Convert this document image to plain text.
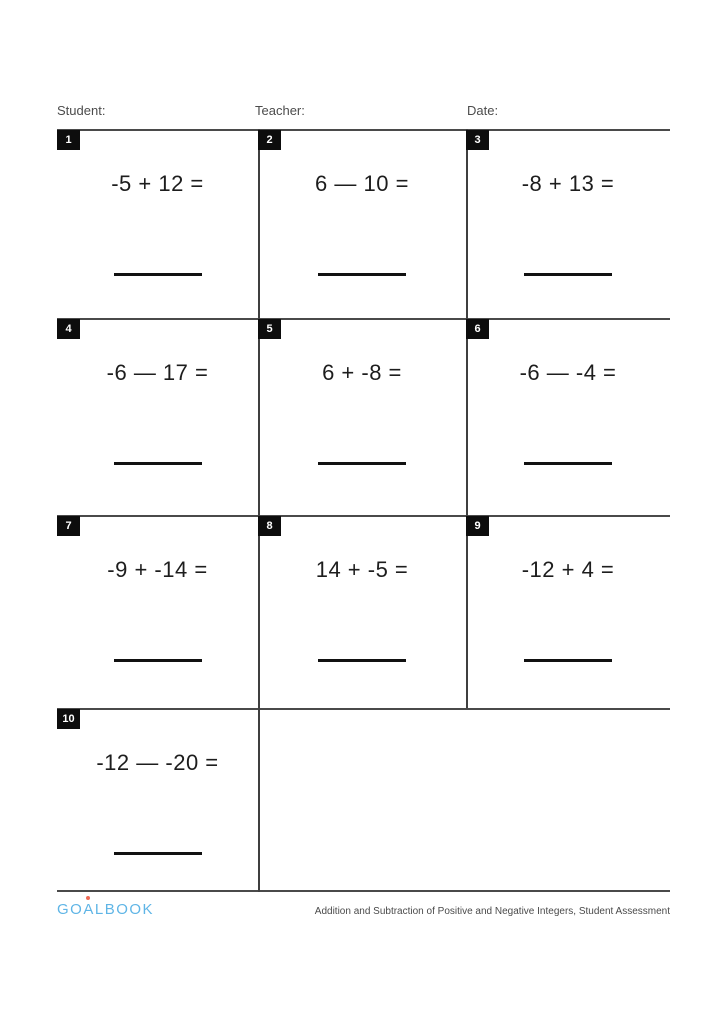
Student:	Teacher:	Date:
1
-5 + 12 =
2
6 — 10 =
3
-8 + 13 =
4
-6 — 17 =
5
6 + -8 =
6
-6 — -4 =
7
-9 + -14 =
8
14 + -5 =
9
-12 + 4 =
10
-12 — -20 =
GO
ALBOOK	Addition and Subtraction of Positive and Negative Integers, Student Assessment
